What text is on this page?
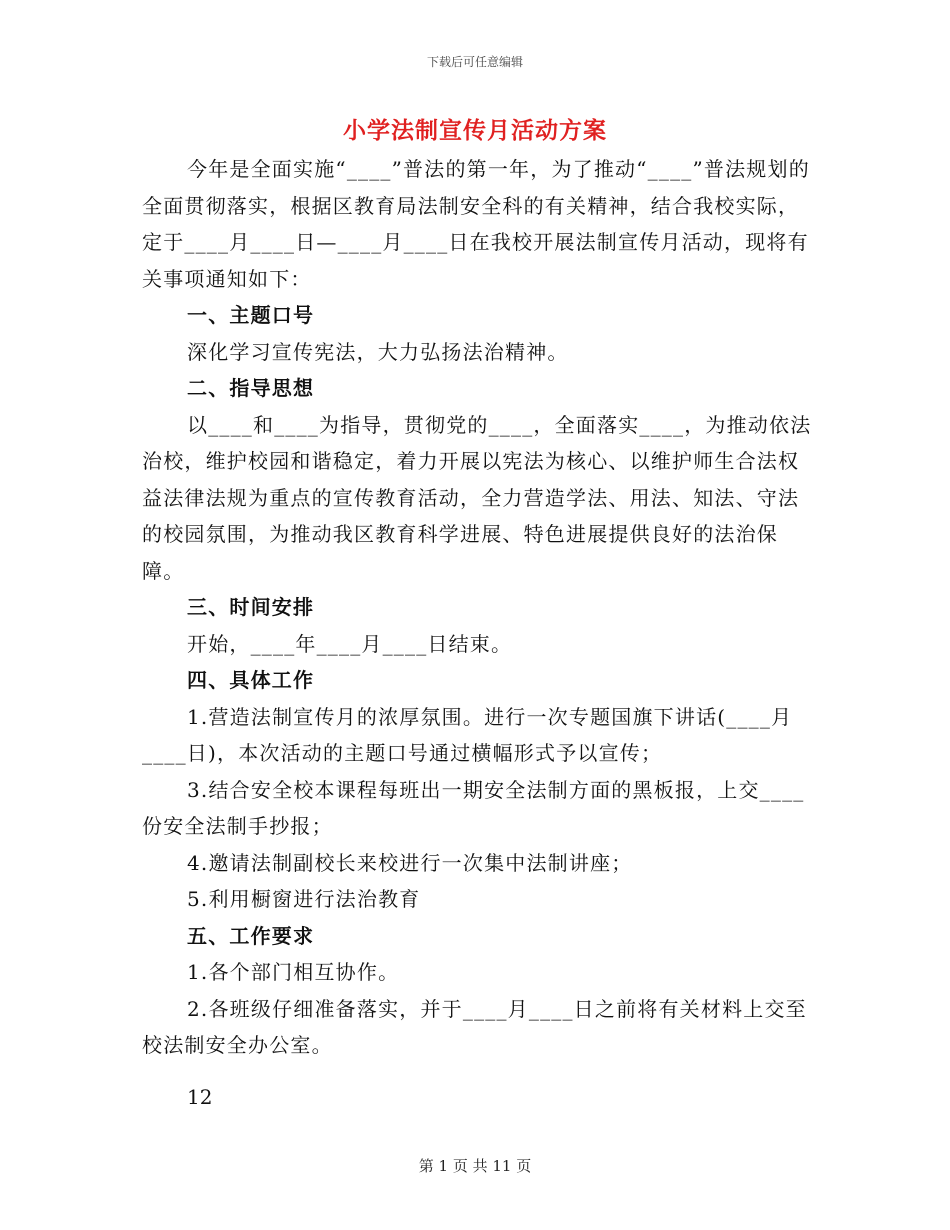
下载后可任意编辑
小学法制宣传月活动方案

今年是全面实施“____”普法的第一年，为了推动“____”普法规划的全面贯彻落实，根据区教育局法制安全科的有关精神，结合我校实际，定于____月____日—____月____日在我校开展法制宣传月活动，现将有关事项通知如下：

一、主题口号

深化学习宣传宪法，大力弘扬法治精神。

二、指导思想

以____和____为指导，贯彻党的____，全面落实____，为推动依法治校，维护校园和谐稳定，着力开展以宪法为核心、以维护师生合法权益法律法规为重点的宣传教育活动，全力营造学法、用法、知法、守法的校园氛围，为推动我区教育科学进展、特色进展提供良好的法治保障。

三、时间安排

开始，____年____月____日结束。

四、具体工作

1.营造法制宣传月的浓厚氛围。进行一次专题国旗下讲话(____月____日)，本次活动的主题口号通过横幅形式予以宣传；

3.结合安全校本课程每班出一期安全法制方面的黑板报，上交____份安全法制手抄报；

4.邀请法制副校长来校进行一次集中法制讲座；

5.利用橱窗进行法治教育

五、工作要求

1.各个部门相互协作。

2.各班级仔细准备落实，并于____月____日之前将有关材料上交至校法制安全办公室。

12
第 1 页 共 11 页
